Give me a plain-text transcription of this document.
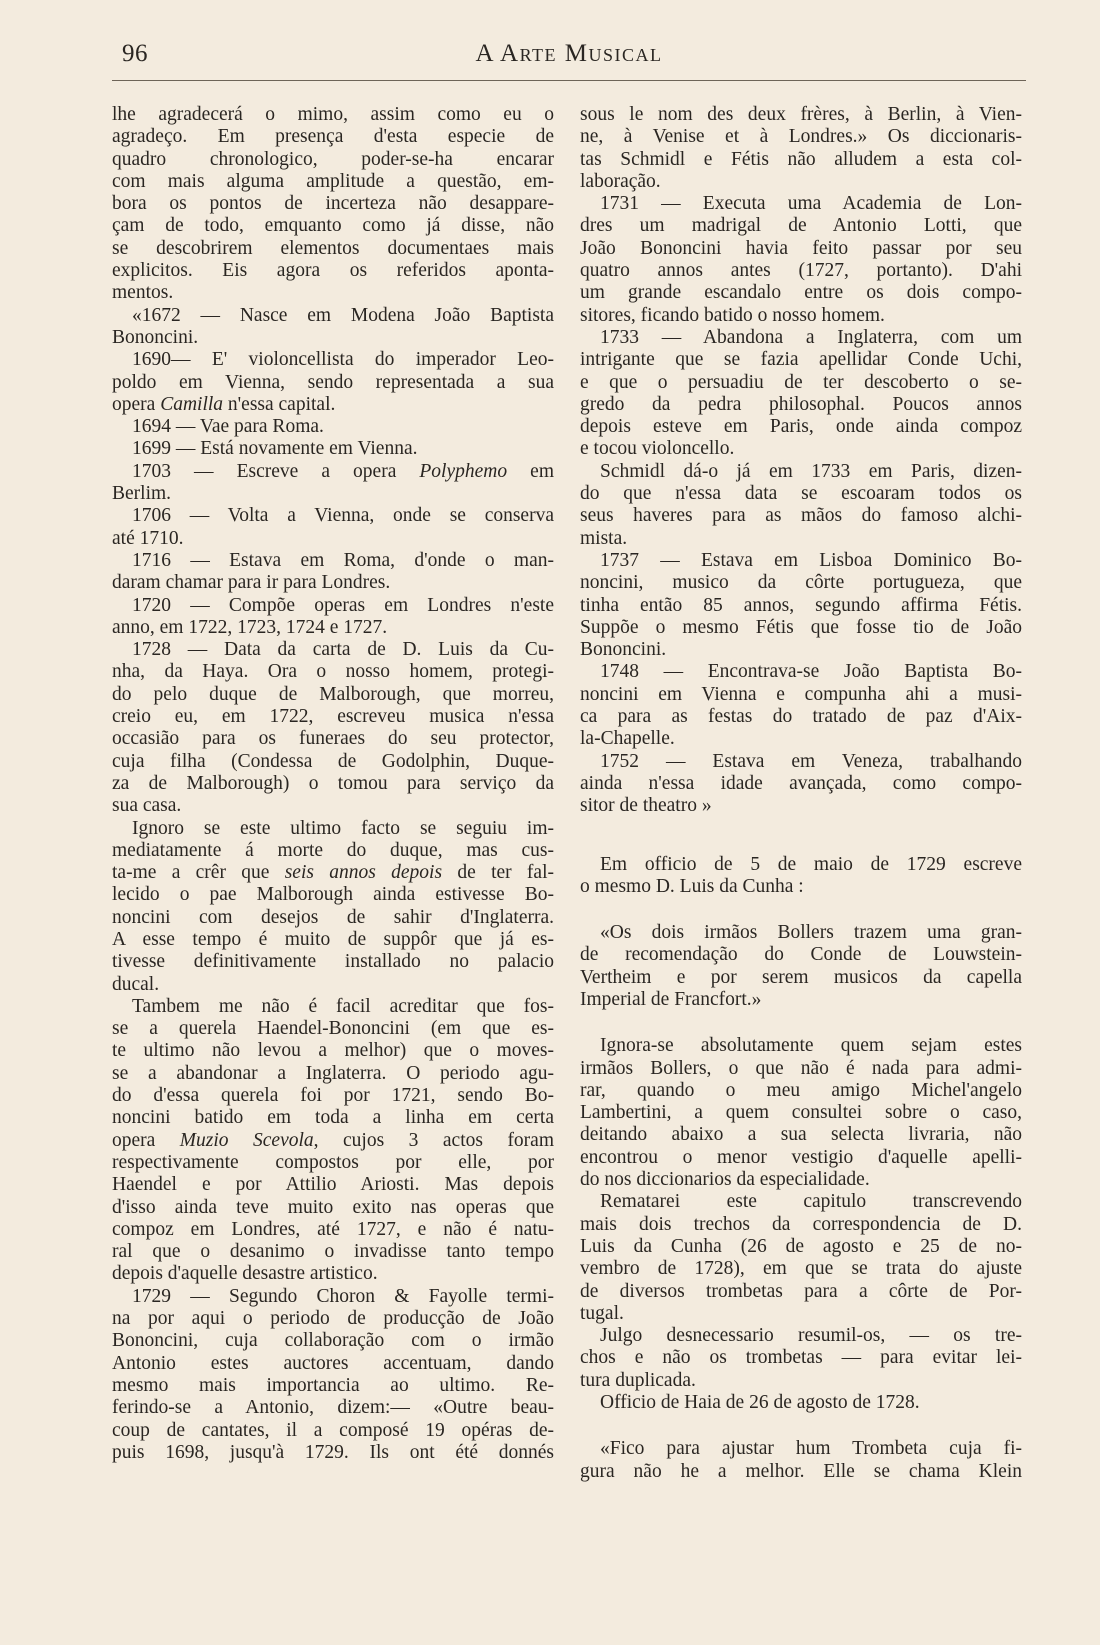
96	A Arte Musical
lhe agradecerá o mimo, assim como eu o
agradeço. Em presença d'esta especie de
quadro chronologico, poder-se-ha encarar
com mais alguma amplitude a questão, em-
bora os pontos de incerteza não desappare-
çam de todo, emquanto como já disse, não
se descobrirem elementos documentaes mais
explicitos. Eis agora os referidos aponta-
mentos.
«1672 — Nasce em Modena João Baptista
Bononcini.
1690— E' violoncellista do imperador Leo-
poldo em Vienna, sendo representada a sua
opera Camilla n'essa capital.
1694 — Vae para Roma.
1699 — Está novamente em Vienna.
1703 — Escreve a opera Polyphemo em
Berlim.
1706 — Volta a Vienna, onde se conserva
até 1710.
1716 — Estava em Roma, d'onde o man-
daram chamar para ir para Londres.
1720 — Compõe operas em Londres n'este
anno, em 1722, 1723, 1724 e 1727.
1728 — Data da carta de D. Luis da Cu-
nha, da Haya. Ora o nosso homem, protegi-
do pelo duque de Malborough, que morreu,
creio eu, em 1722, escreveu musica n'essa
occasião para os funeraes do seu protector,
cuja filha (Condessa de Godolphin, Duque-
za de Malborough) o tomou para serviço da
sua casa.
Ignoro se este ultimo facto se seguiu im-
mediatamente á morte do duque, mas cus-
ta-me a crêr que seis annos depois de ter fal-
lecido o pae Malborough ainda estivesse Bo-
noncini com desejos de sahir d'Inglaterra.
A esse tempo é muito de suppôr que já es-
tivesse definitivamente installado no palacio
ducal.
Tambem me não é facil acreditar que fos-
se a querela Haendel-Bononcini (em que es-
te ultimo não levou a melhor) que o moves-
se a abandonar a Inglaterra. O periodo agu-
do d'essa querela foi por 1721, sendo Bo-
noncini batido em toda a linha em certa
opera Muzio Scevola, cujos 3 actos foram
respectivamente compostos por elle, por
Haendel e por Attilio Ariosti. Mas depois
d'isso ainda teve muito exito nas operas que
compoz em Londres, até 1727, e não é natu-
ral que o desanimo o invadisse tanto tempo
depois d'aquelle desastre artistico.
1729 — Segundo Choron & Fayolle termi-
na por aqui o periodo de producção de João
Bononcini, cuja collaboração com o irmão
Antonio estes auctores accentuam, dando
mesmo mais importancia ao ultimo. Re-
ferindo-se a Antonio, dizem:— «Outre beau-
coup de cantates, il a composé 19 opéras de-
puis 1698, jusqu'à 1729. Ils ont été donnés
sous le nom des deux frères, à Berlin, à Vien-
ne, à Venise et à Londres.» Os diccionaris-
tas Schmidl e Fétis não alludem a esta col-
laboração.
1731 — Executa uma Academia de Lon-
dres um madrigal de Antonio Lotti, que
João Bononcini havia feito passar por seu
quatro annos antes (1727, portanto). D'ahi
um grande escandalo entre os dois compo-
sitores, ficando batido o nosso homem.
1733 — Abandona a Inglaterra, com um
intrigante que se fazia apellidar Conde Uchi,
e que o persuadiu de ter descoberto o se-
gredo da pedra philosophal. Poucos annos
depois esteve em Paris, onde ainda compoz
e tocou violoncello.
Schmidl dá-o já em 1733 em Paris, dizen-
do que n'essa data se escoaram todos os
seus haveres para as mãos do famoso alchi-
mista.
1737 — Estava em Lisboa Dominico Bo-
noncini, musico da côrte portugueza, que
tinha então 85 annos, segundo affirma Fétis.
Suppõe o mesmo Fétis que fosse tio de João
Bononcini.
1748 — Encontrava-se João Baptista Bo-
noncini em Vienna e compunha ahi a musi-
ca para as festas do tratado de paz d'Aix-
la-Chapelle.
1752 — Estava em Veneza, trabalhando
ainda n'essa idade avançada, como compo-
sitor de theatro »
Em officio de 5 de maio de 1729 escreve
o mesmo D. Luis da Cunha :
«Os dois irmãos Bollers trazem uma gran-
de recomendação do Conde de Louwstein-
Vertheim e por serem musicos da capella
Imperial de Francfort.»
Ignora-se absolutamente quem sejam estes
irmãos Bollers, o que não é nada para admi-
rar, quando o meu amigo Michel'angelo
Lambertini, a quem consultei sobre o caso,
deitando abaixo a sua selecta livraria, não
encontrou o menor vestigio d'aquelle apelli-
do nos diccionarios da especialidade.
Rematarei este capitulo transcrevendo
mais dois trechos da correspondencia de D.
Luis da Cunha (26 de agosto e 25 de no-
vembro de 1728), em que se trata do ajuste
de diversos trombetas para a côrte de Por-
tugal.
Julgo desnecessario resumil-os, — os tre-
chos e não os trombetas — para evitar lei-
tura duplicada.
Officio de Haia de 26 de agosto de 1728.
«Fico para ajustar hum Trombeta cuja fi-
gura não he a melhor. Elle se chama Klein
